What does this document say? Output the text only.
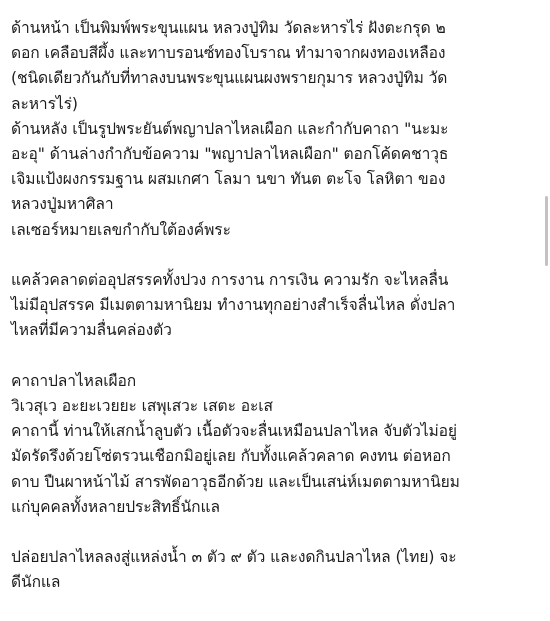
ด้านหน้า เป็นพิมพ์พระขุนแผน หลวงปู่ทิม วัดละหารไร่ ฝังตะกรุด ๒
ดอก เคลือบสีผึ้ง และทาบรอนซ์ทองโบราณ ทำมาจากผงทองเหลือง
(ชนิดเดียวกันกับที่ทาลงบนพระขุนแผนผงพรายกุมาร หลวงปู่ทิม วัด
ละหารไร่)
ด้านหลัง เป็นรูปพระยันต์พญาปลาไหลเผือก และกำกับคาถา "นะมะ
อะอุ" ด้านล่างกำกับข้อความ "พญาปลาไหลเผือก" ตอกโค้ดคชาวุธ
เจิมแป้งผงกรรมฐาน ผสมเกศา โลมา นขา ทันต ตะโจ โลหิตา ของ
หลวงปู่มหาศิลา
เลเซอร์หมายเลขกำกับใต้องค์พระ

แคล้วคลาดต่ออุปสรรคทั้งปวง การงาน การเงิน ความรัก จะไหลลื่น
ไม่มีอุปสรรค มีเมตตามหานิยม ทำงานทุกอย่างสำเร็จลื่นไหล ดั่งปลา
ไหลที่มีความลื่นคล่องตัว

คาถาปลาไหลเผือก
วิเวสุเว อะยะเวยยะ เสพุเสวะ เสตะ อะเส
คาถานี้ ท่านให้เสกน้ำลูบตัว เนื้อตัวจะลื่นเหมือนปลาไหล จับตัวไม่อยู่
มัดรัดรึงด้วยโซ่ตรวนเชือกมิอยู่เลย กับทั้งแคล้วคลาด คงทน ต่อหอก
ดาบ ปืนผาหน้าไม้ สารพัดอาวุธอีกด้วย และเป็นเสน่ห์เมตตามหานิยม
แก่บุคคลทั้งหลายประสิทธิ์นักแล

ปล่อยปลาไหลลงสู่แหล่งน้ำ ๓ ตัว ๙ ตัว และงดกินปลาไหล (ไทย) จะ
ดีนักแล
